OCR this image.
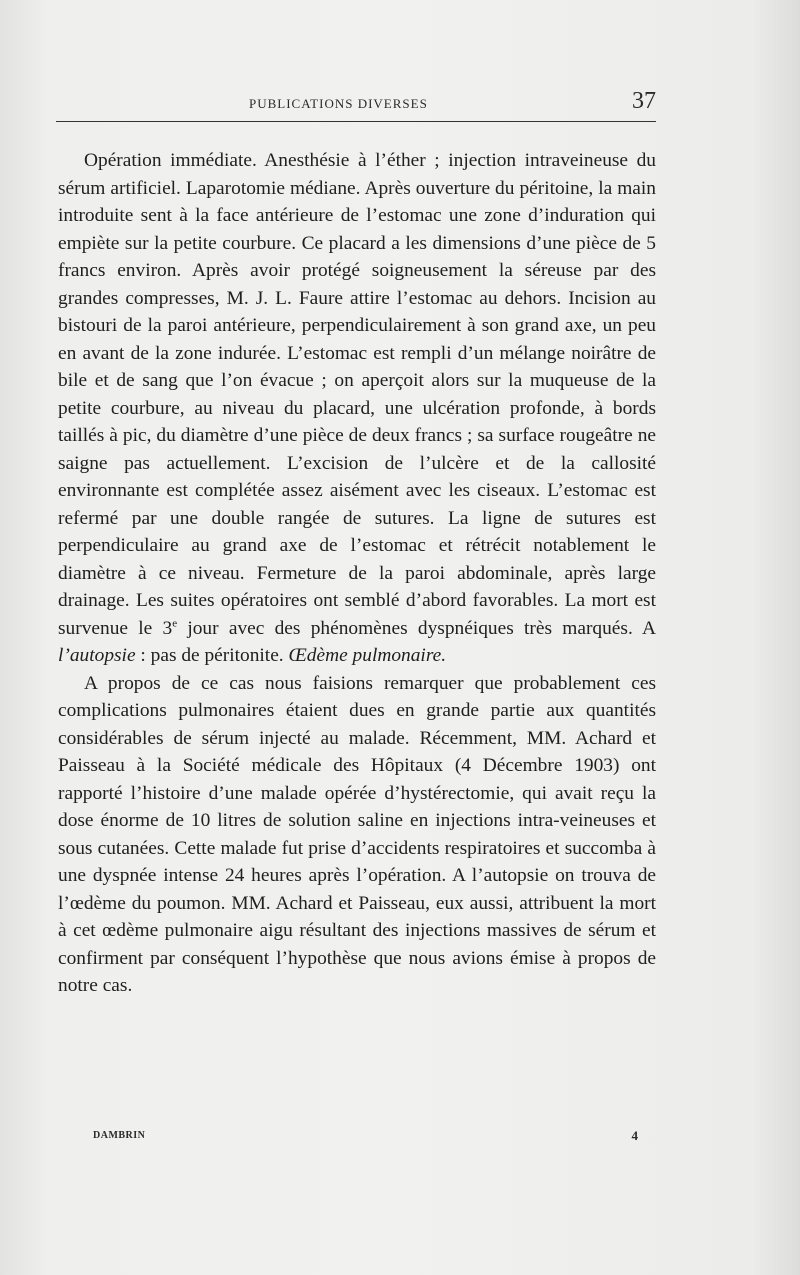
PUBLICATIONS DIVERSES	37

Opération immédiate. Anesthésie à l’éther ; injection intraveineuse du sérum artificiel. Laparotomie médiane. Après ouverture du péritoine, la main introduite sent à la face antérieure de l’estomac une zone d’induration qui empiète sur la petite courbure. Ce placard a les dimensions d’une pièce de 5 francs environ. Après avoir protégé soigneusement la séreuse par des grandes compresses, M. J. L. Faure attire l’estomac au dehors. Incision au bistouri de la paroi antérieure, perpendiculairement à son grand axe, un peu en avant de la zone indurée. L’estomac est rempli d’un mélange noirâtre de bile et de sang que l’on évacue ; on aperçoit alors sur la muqueuse de la petite courbure, au niveau du placard, une ulcération profonde, à bords taillés à pic, du diamètre d’une pièce de deux francs ; sa surface rougeâtre ne saigne pas actuellement. L’excision de l’ulcère et de la callosité environnante est complétée assez aisément avec les ciseaux. L’estomac est refermé par une double rangée de sutures. La ligne de sutures est perpendiculaire au grand axe de l’estomac et rétrécit notablement le diamètre à ce niveau. Fermeture de la paroi abdominale, après large drainage. Les suites opératoires ont semblé d’abord favorables. La mort est survenue le 3e jour avec des phénomènes dyspnéiques très marqués. A l’autopsie : pas de péritonite. Œdème pulmonaire.

A propos de ce cas nous faisions remarquer que probablement ces complications pulmonaires étaient dues en grande partie aux quantités considérables de sérum injecté au malade. Récemment, MM. Achard et Paisseau à la Société médicale des Hôpitaux (4 Décembre 1903) ont rapporté l’histoire d’une malade opérée d’hystérectomie, qui avait reçu la dose énorme de 10 litres de solution saline en injections intra-veineuses et sous cutanées. Cette malade fut prise d’accidents respiratoires et succomba à une dyspnée intense 24 heures après l’opération. A l’autopsie on trouva de l’œdème du poumon. MM. Achard et Paisseau, eux aussi, attribuent la mort à cet œdème pulmonaire aigu résultant des injections massives de sérum et confirment par conséquent l’hypothèse que nous avions émise à propos de notre cas.

DAMBRIN	4
